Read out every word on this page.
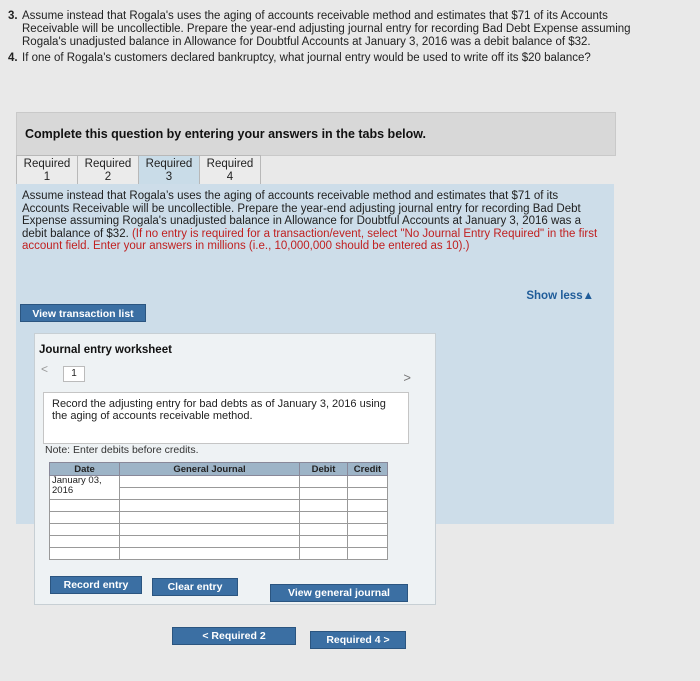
3. Assume instead that Rogala's uses the aging of accounts receivable method and estimates that $71 of its Accounts Receivable will be uncollectible. Prepare the year-end adjusting journal entry for recording Bad Debt Expense assuming Rogala's unadjusted balance in Allowance for Doubtful Accounts at January 3, 2016 was a debit balance of $32.
4. If one of Rogala's customers declared bankruptcy, what journal entry would be used to write off its $20 balance?
Complete this question by entering your answers in the tabs below.
Required
1
Required
2
Required
3
Required
4
Assume instead that Rogala’s uses the aging of accounts receivable method and estimates that $71 of its Accounts Receivable will be uncollectible. Prepare the year-end adjusting journal entry for recording Bad Debt Expense assuming Rogala's unadjusted balance in Allowance for Doubtful Accounts at January 3, 2016 was a debit balance of $32. (If no entry is required for a transaction/event, select "No Journal Entry Required" in the first account field. Enter your answers in millions (i.e., 10,000,000 should be entered as 10).)
Show less▲
View transaction list
Journal entry worksheet
<	1	>
Record the adjusting entry for bad debts as of January 3, 2016 using the aging of accounts receivable method.
Note: Enter debits before credits.
Date	General Journal	Debit	Credit
January 03, 2016			

Record entry	Clear entry	View general journal
< Required 2	Required 4 >
